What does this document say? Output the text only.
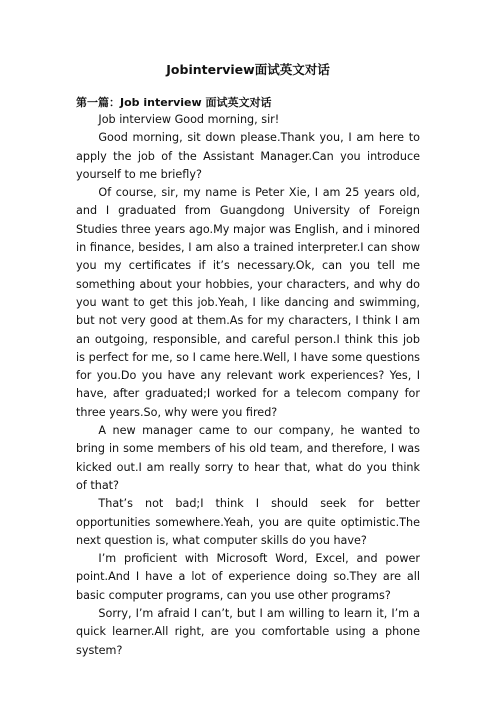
Jobinterview面试英文对话
第一篇：Job interview 面试英文对话

Job interview Good morning, sir!

Good morning, sit down please.Thank you, I am here to apply the job of the Assistant Manager.Can you introduce yourself to me briefly?

Of course, sir, my name is Peter Xie, I am 25 years old, and I graduated from Guangdong University of Foreign Studies three years ago.My major was English, and i minored in finance, besides, I am also a trained interpreter.I can show you my certificates if it’s necessary.Ok, can you tell me something about your hobbies, your characters, and why do you want to get this job.Yeah, I like dancing and swimming, but not very good at them.As for my characters, I think I am an outgoing, responsible, and careful person.I think this job is perfect for me, so I came here.Well, I have some questions for you.Do you have any relevant work experiences? Yes, I have, after graduated;I worked for a telecom company for three years.So, why were you fired?

A new manager came to our company, he wanted to bring in some members of his old team, and therefore, I was kicked out.I am really sorry to hear that, what do you think of that?

That’s not bad;I think I should seek for better opportunities somewhere.Yeah, you are quite optimistic.The next question is, what computer skills do you have?

I’m proficient with Microsoft Word, Excel, and power point.And I have a lot of experience doing so.They are all basic computer programs, can you use other programs?

Sorry, I’m afraid I can’t, but I am willing to learn it, I’m a quick learner.All right, are you comfortable using a phone system?
